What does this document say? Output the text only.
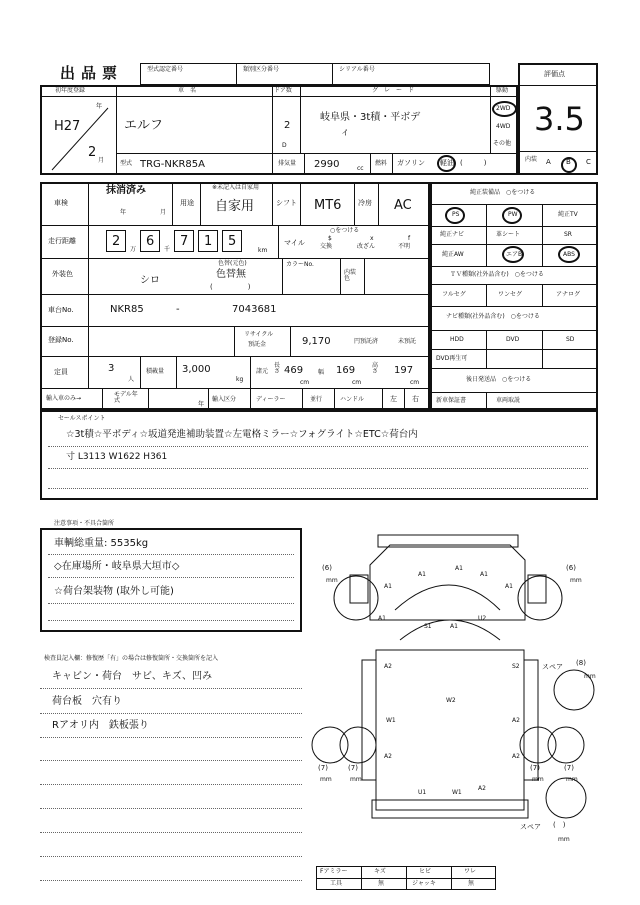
出品票	型式認定番号	類別区分番号	シリアル番号
評価点
3.5
内装 A B C
初年度登録	車　名	ドア数	グ　レ　ー　ド	駆動
年
H27
2
月
エルフ	2
D
岐阜県・3t積・平ボデ
ィ
2WD
4WD
その他
型式 TRG-NKR85A	排気量 2990	cc
燃料 ガソリン 軽油 (　　　)
車検
抹消済み
年	月
用途
※未記入は自家用
自家用	シフト MT6 冷房 AC
走行距離	2
万
6
千
7 1 5
km
マイル
○をつける
$
交換
x
改ざん
f
不明
外装色
シロ
色替(元色)
色替無
(　　　　　)
カラーNo.
内装色
車台No.	NKR85	-	7043681
登録No.
リサイクル
預託金	9,170	円預託済	未預託
定員	3
人
積載量 3,000
kg
諸元
長さ 469
cm
幅 169
cm
高さ 197
cm
輸入車のみ→
モデル年式
年
輸入区分	ディーラー	並行	ハンドル	左 右
純正装備品　○をつける
PS	PW	純正TV
純正ナビ	革シート	SR
純正AW	エアB	ABS
ＴＶ種類(社外品含む)　○をつける
フルセグ	ワンセグ	アナログ
ナビ種類(社外品含む)　○をつける
HDD	DVD	SD
DVD再生可
後日発送品　○をつける
新車保証書	車両取説
セールスポイント
☆3t積☆平ボディ☆坂道発進補助装置☆左電格ミラー☆フォグライト☆ETC☆荷台内
寸 L3113 W1622 H361
注意事項・不具合箇所
車輌総重量: 5535kg
◇在庫場所・岐阜県大垣市◇
☆荷台架装物 (取外し可能)
検査員記入欄：修復歴「有」の場合は修復箇所・交換箇所を記入
キャビン・荷台　サビ、キズ、凹み
荷台板　穴有り
Rアオリ内　鉄板張り
A1
A1
A1
A1	A1
A1
S1	A1
U2
A2	S2
W2
W1
U1	W1
A2
A2	A2
A2
(6)
mm
(6)
mm
(7)
mm
(7)
mm
(7)
mm
(7)
mm
スペア (8)
mm
スペア (　)
mm
Fアミラー	キズ	ヒビ	ワレ
工具	無	ジャッキ	無
